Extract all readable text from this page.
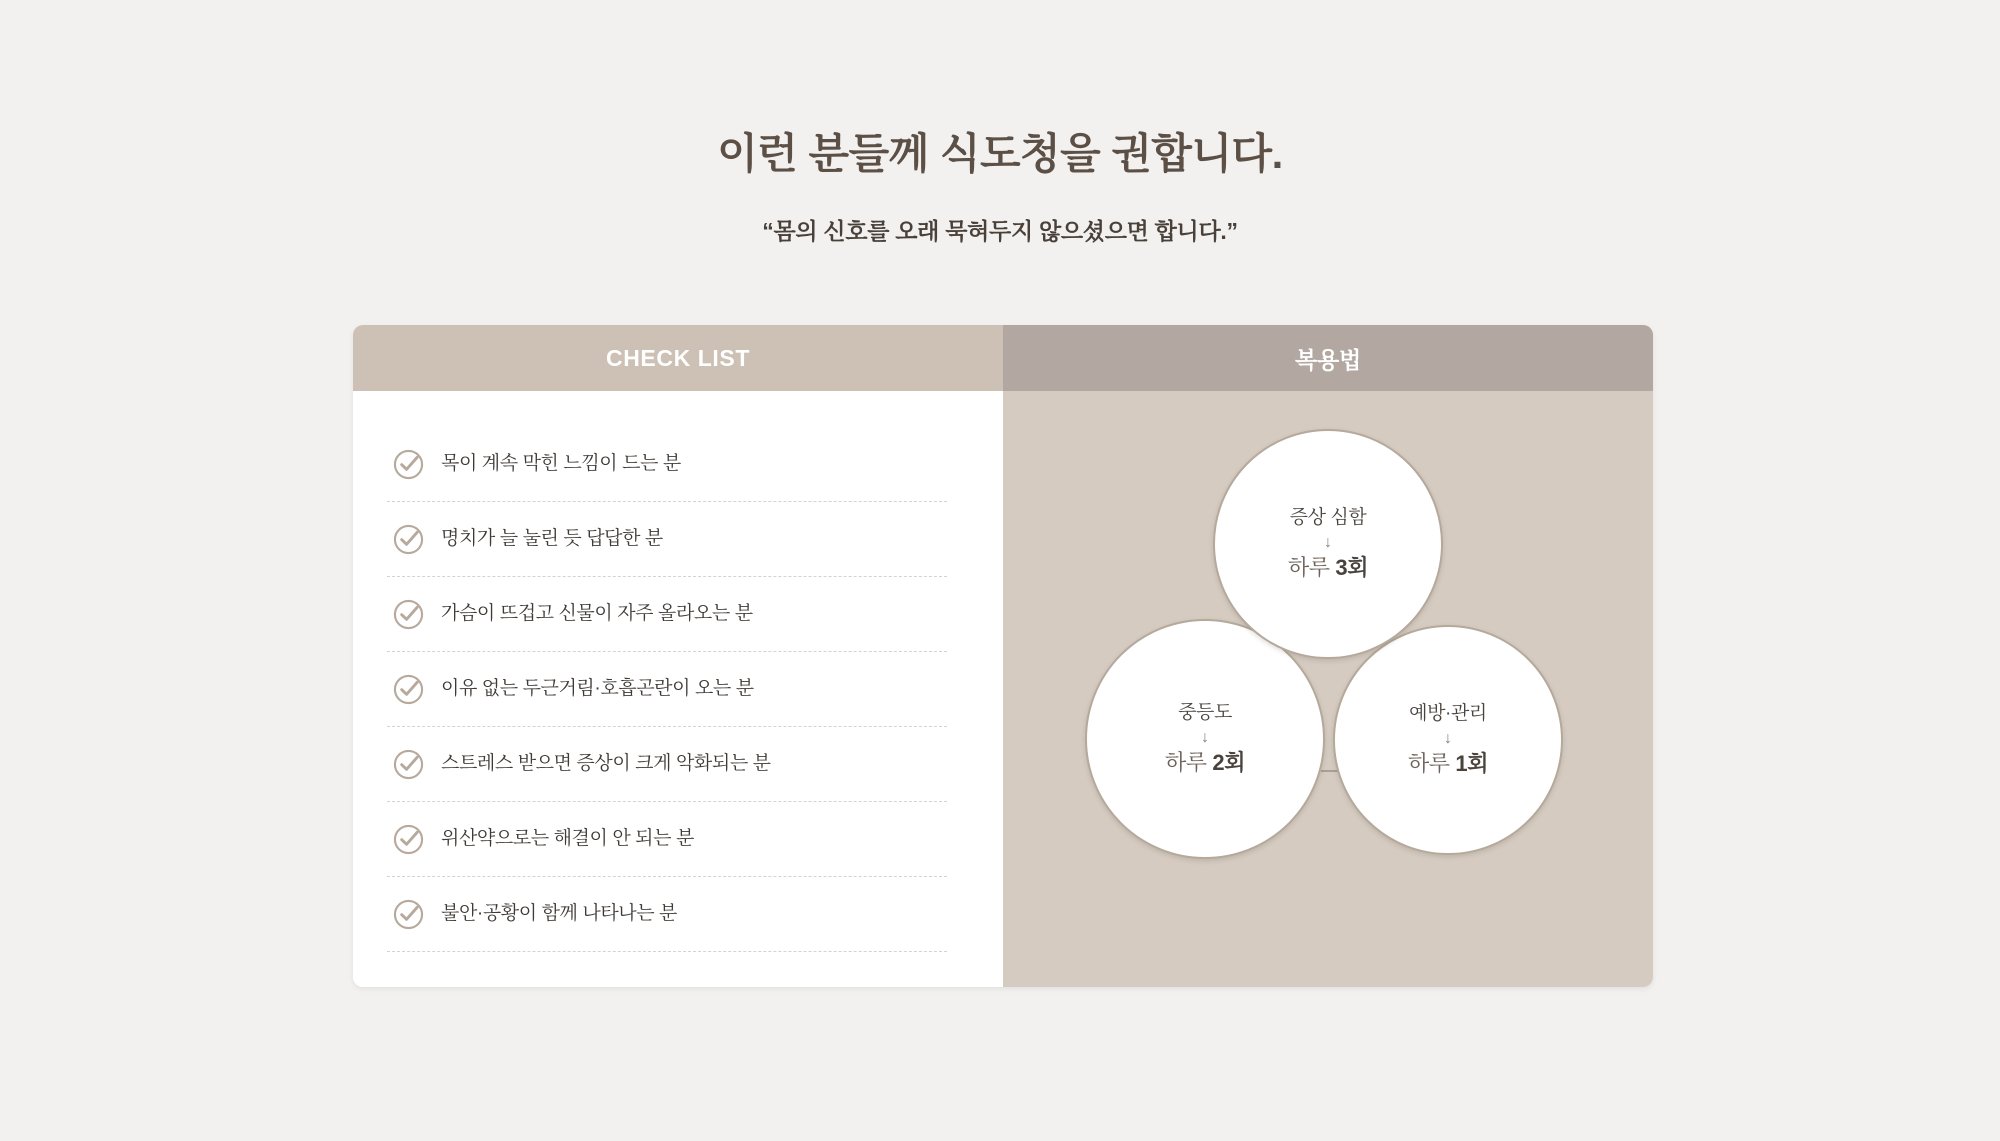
이런 분들께 식도청을 권합니다.

“몸의 신호를 오래 묵혀두지 않으셨으면 합니다.”

CHECK LIST
목이 계속 막힌 느낌이 드는 분
명치가 늘 눌린 듯 답답한 분
가슴이 뜨겁고 신물이 자주 올라오는 분
이유 없는 두근거림·호흡곤란이 오는 분
스트레스 받으면 증상이 크게 악화되는 분
위산약으로는 해결이 안 되는 분
불안·공황이 함께 나타나는 분
복용법
증상 심함
↓
하루 3회
중등도
↓
하루 2회
예방·관리
↓
하루 1회
